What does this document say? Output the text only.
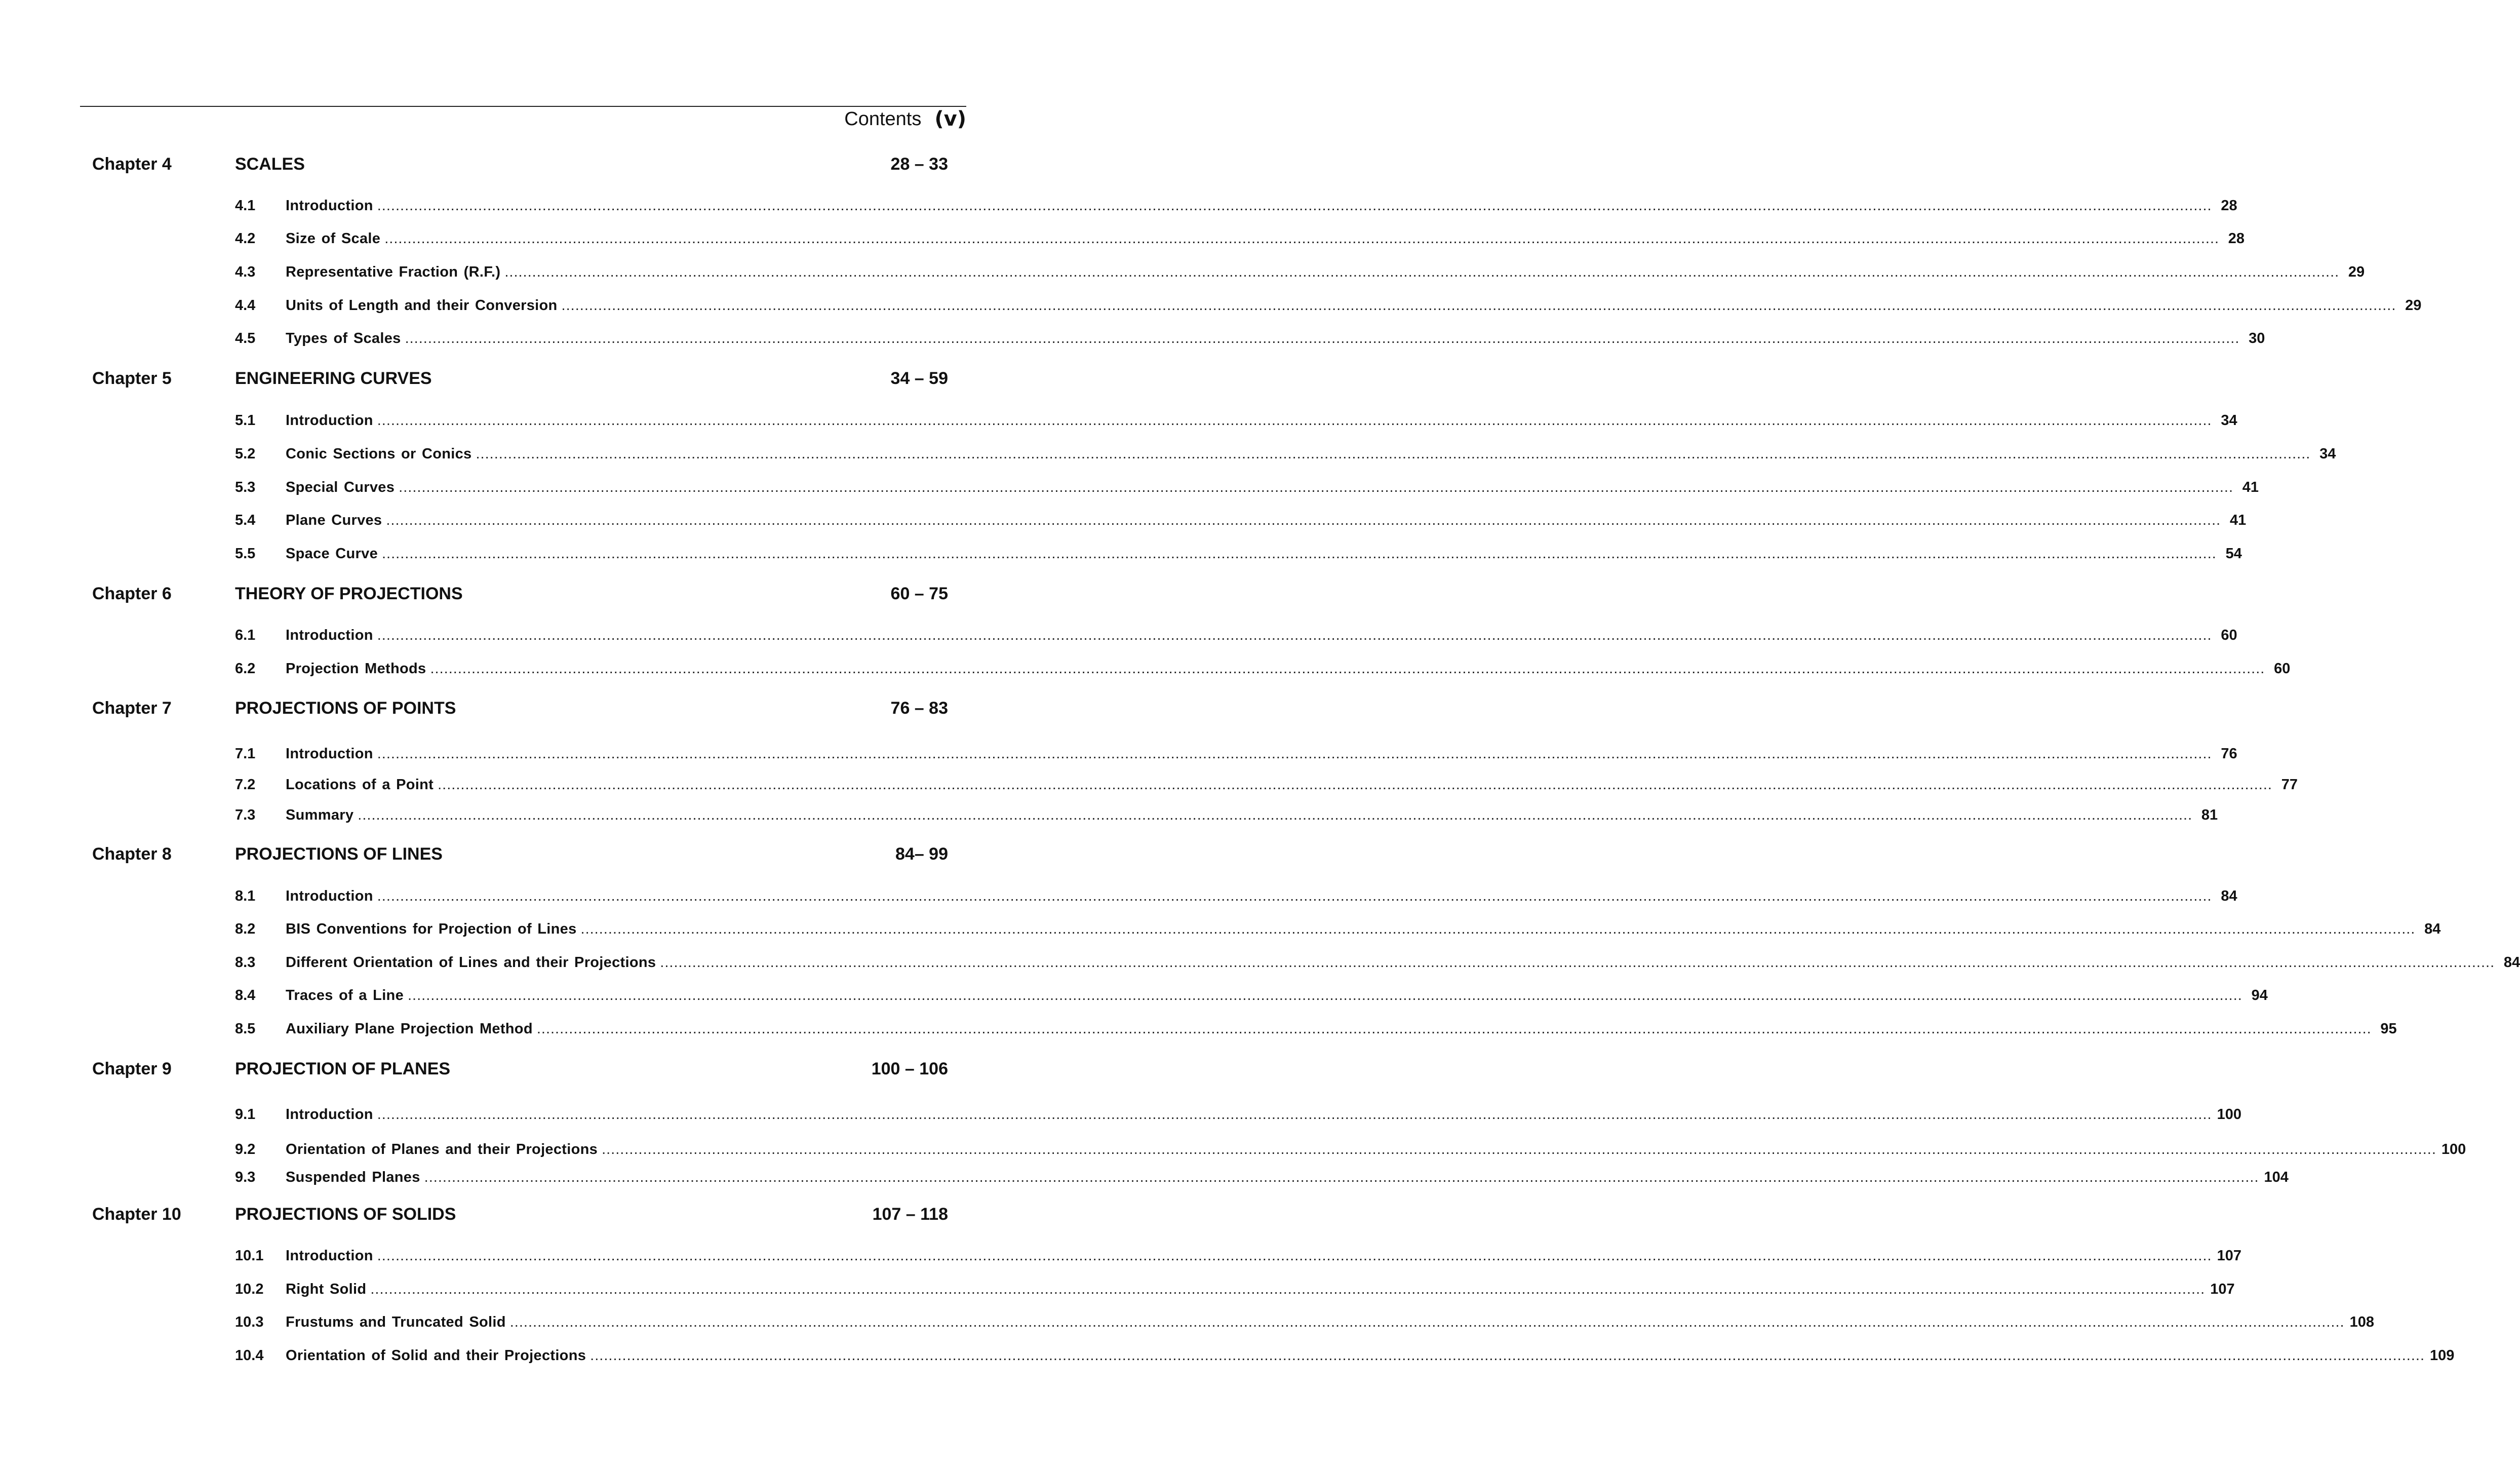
Contents (v)
Chapter 4	SCALES	28 – 33
4.1	Introduction ................................................................................................................................................................................................................................................................................................................................................................................................................ 28
4.2	Size of Scale ................................................................................................................................................................................................................................................................................................................................................................................................................ 28
4.3	Representative Fraction (R.F.) ................................................................................................................................................................................................................................................................................................................................................................................................................ 29
4.4	Units of Length and their Conversion ................................................................................................................................................................................................................................................................................................................................................................................................................ 29
4.5	Types of Scales ................................................................................................................................................................................................................................................................................................................................................................................................................ 30
Chapter 5	ENGINEERING CURVES	34 – 59
5.1	Introduction ................................................................................................................................................................................................................................................................................................................................................................................................................ 34
5.2	Conic Sections or Conics ................................................................................................................................................................................................................................................................................................................................................................................................................ 34
5.3	Special Curves ................................................................................................................................................................................................................................................................................................................................................................................................................ 41
5.4	Plane Curves ................................................................................................................................................................................................................................................................................................................................................................................................................ 41
5.5	Space Curve ................................................................................................................................................................................................................................................................................................................................................................................................................ 54
Chapter 6	THEORY OF PROJECTIONS	60 – 75
6.1	Introduction ................................................................................................................................................................................................................................................................................................................................................................................................................ 60
6.2	Projection Methods ................................................................................................................................................................................................................................................................................................................................................................................................................ 60
Chapter 7	PROJECTIONS OF POINTS	76 – 83
7.1	Introduction ................................................................................................................................................................................................................................................................................................................................................................................................................ 76
7.2	Locations of a Point ................................................................................................................................................................................................................................................................................................................................................................................................................ 77
7.3	Summary ................................................................................................................................................................................................................................................................................................................................................................................................................ 81
Chapter 8	PROJECTIONS OF LINES	84– 99
8.1	Introduction ................................................................................................................................................................................................................................................................................................................................................................................................................ 84
8.2	BIS Conventions for Projection of Lines ................................................................................................................................................................................................................................................................................................................................................................................................................ 84
8.3	Different Orientation of Lines and their Projections ................................................................................................................................................................................................................................................................................................................................................................................................................ 84
8.4	Traces of a Line ................................................................................................................................................................................................................................................................................................................................................................................................................ 94
8.5	Auxiliary Plane Projection Method ................................................................................................................................................................................................................................................................................................................................................................................................................ 95
Chapter 9	PROJECTION OF PLANES	100 – 106
9.1	Introduction ................................................................................................................................................................................................................................................................................................................................................................................................................ 100
9.2	Orientation of Planes and their Projections ................................................................................................................................................................................................................................................................................................................................................................................................................ 100
9.3	Suspended Planes ................................................................................................................................................................................................................................................................................................................................................................................................................ 104
Chapter 10	PROJECTIONS OF SOLIDS	107 – 118
10.1	Introduction ................................................................................................................................................................................................................................................................................................................................................................................................................ 107
10.2	Right Solid ................................................................................................................................................................................................................................................................................................................................................................................................................ 107
10.3	Frustums and Truncated Solid ................................................................................................................................................................................................................................................................................................................................................................................................................ 108
10.4	Orientation of Solid and their Projections ................................................................................................................................................................................................................................................................................................................................................................................................................ 109
